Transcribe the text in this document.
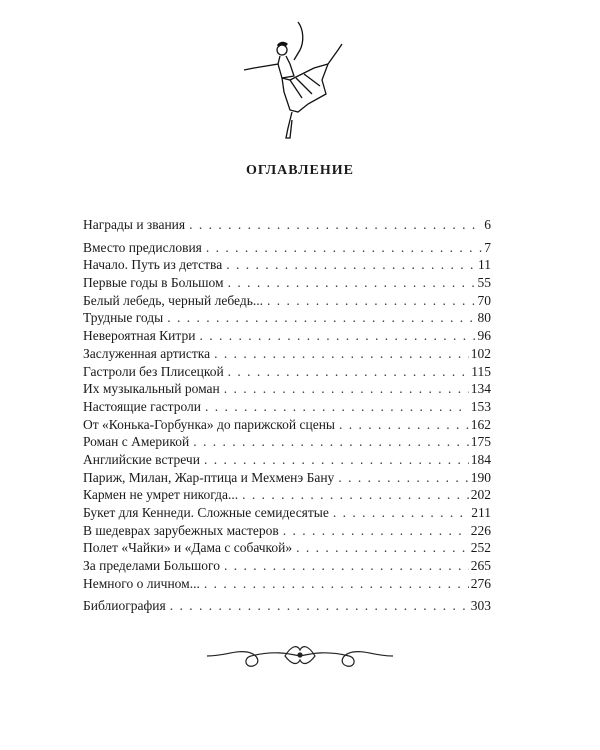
ОГЛАВЛЕНИЕ
Награды и звания . . .	6
Вместо предисловия . . .	7
Начало. Путь из детства . . .	11
Первые годы в Большом . . .	55
Белый лебедь, черный лебедь... . . .	70
Трудные годы . . .	80
Невероятная Китри . . .	96
Заслуженная артистка . . .	102
Гастроли без Плисецкой . . .	115
Их музыкальный роман . . .	134
Настоящие гастроли . . .	153
От «Конька-Горбунка» до парижской сцены . . .	162
Роман с Америкой . . .	175
Английские встречи . . .	184
Париж, Милан, Жар-птица и Мехменэ Бану . . .	190
Кармен не умрет никогда... . . .	202
Букет для Кеннеди. Сложные семидесятые . . .	211
В шедеврах зарубежных мастеров . . .	226
Полет «Чайки» и «Дама с собачкой» . . .	252
За пределами Большого . . .	265
Немного о личном... . . .	276
Библиография . . .	303
